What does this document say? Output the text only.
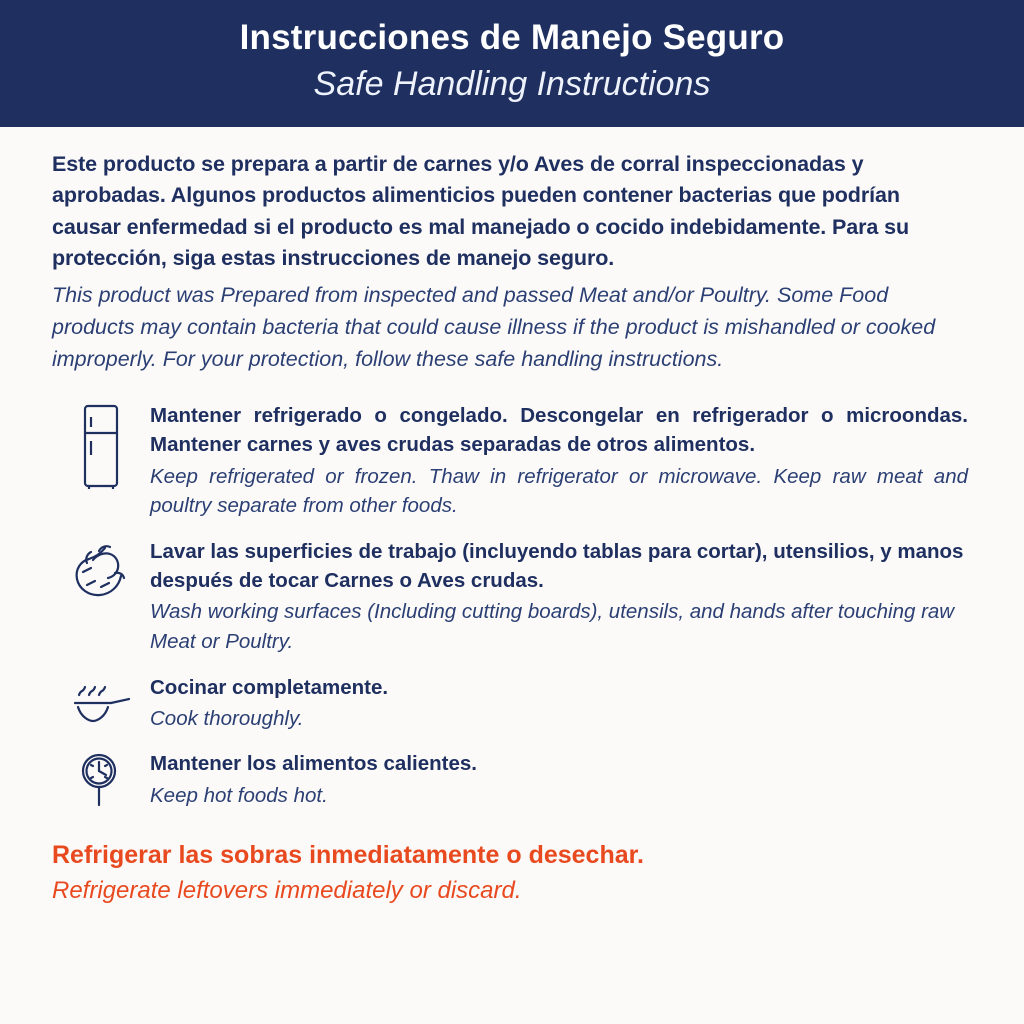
Instrucciones de Manejo Seguro
Safe Handling Instructions
Este producto se prepara a partir de carnes y/o Aves de corral inspeccionadas y aprobadas. Algunos productos alimenticios pueden contener bacterias que podrían causar enfermedad si el producto es mal manejado o cocido indebidamente. Para su protección, siga estas instrucciones de manejo seguro.
This product was Prepared from inspected and passed Meat and/or Poultry. Some Food products may contain bacteria that could cause illness if the product is mishandled or cooked improperly. For your protection, follow these safe handling instructions.
Mantener refrigerado o congelado. Descongelar en refrigerador o microondas. Mantener carnes y aves crudas separadas de otros alimentos.
Keep refrigerated or frozen. Thaw in refrigerator or microwave. Keep raw meat and poultry separate from other foods.
Lavar las superficies de trabajo (incluyendo tablas para cortar), utensilios, y manos después de tocar Carnes o Aves crudas.
Wash working surfaces (Including cutting boards), utensils, and hands after touching raw Meat or Poultry.
Cocinar completamente.
Cook thoroughly.
Mantener los alimentos calientes.
Keep hot foods hot.
Refrigerar las sobras inmediatamente o desechar.
Refrigerate leftovers immediately or discard.
